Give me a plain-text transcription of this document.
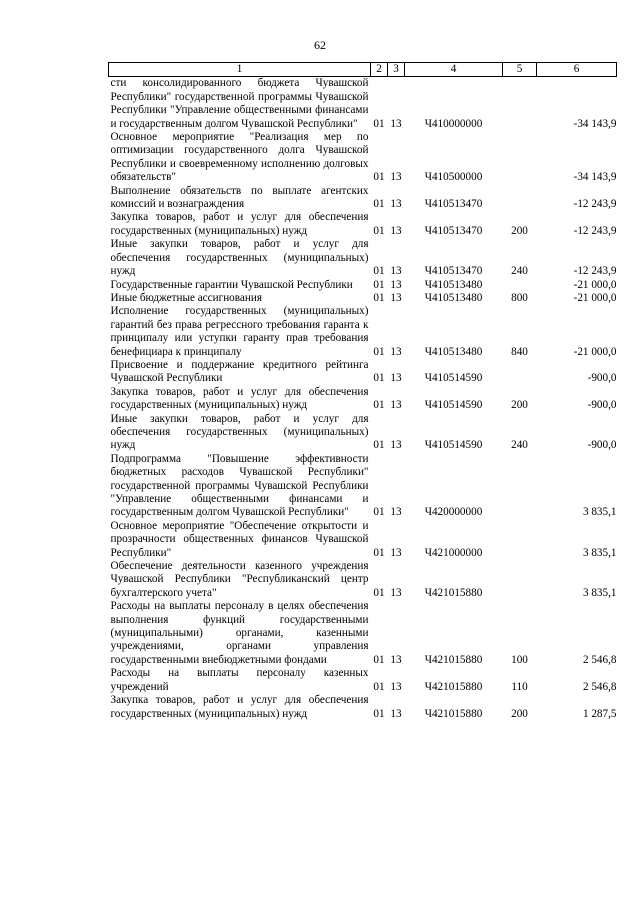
62
1	2	3	4	5	6
сти консолидированного бюджета Чувашской Республики" государственной программы Чувашской Республики "Управление общественными финансами и государственным долгом Чувашской Республики"	01	13	Ч410000000		-34 143,9
Основное мероприятие "Реализация мер по оптимизации государственного долга Чувашской Республики и своевременному исполнению долговых обязательств"	01	13	Ч410500000		-34 143,9
Выполнение обязательств по выплате агентских комиссий и вознаграждения	01	13	Ч410513470		-12 243,9
Закупка товаров, работ и услуг для обеспечения государственных (муниципальных) нужд	01	13	Ч410513470	200	-12 243,9
Иные закупки товаров, работ и услуг для обеспечения государственных (муниципальных) нужд	01	13	Ч410513470	240	-12 243,9
Государственные гарантии Чувашской Республики	01	13	Ч410513480		-21 000,0
Иные бюджетные ассигнования	01	13	Ч410513480	800	-21 000,0
Исполнение государственных (муниципальных) гарантий без права регрессного требования гаранта к принципалу или уступки гаранту прав требования бенефициара к принципалу	01	13	Ч410513480	840	-21 000,0
Присвоение и поддержание кредитного рейтинга Чувашской Республики	01	13	Ч410514590		-900,0
Закупка товаров, работ и услуг для обеспечения государственных (муниципальных) нужд	01	13	Ч410514590	200	-900,0
Иные закупки товаров, работ и услуг для обеспечения государственных (муниципальных) нужд	01	13	Ч410514590	240	-900,0
Подпрограмма "Повышение эффективности бюджетных расходов Чувашской Республики" государственной программы Чувашской Республики "Управление общественными финансами и государственным долгом Чувашской Республики"	01	13	Ч420000000		3 835,1
Основное мероприятие "Обеспечение открытости и прозрачности общественных финансов Чувашской Республики"	01	13	Ч421000000		3 835,1
Обеспечение деятельности казенного учреждения Чувашской Республики "Республиканский центр бухгалтерского учета"	01	13	Ч421015880		3 835,1
Расходы на выплаты персоналу в целях обеспечения выполнения функций государственными (муниципальными) органами, казенными учреждениями, органами управления государственными внебюджетными фондами	01	13	Ч421015880	100	2 546,8
Расходы на выплаты персоналу казенных учреждений	01	13	Ч421015880	110	2 546,8
Закупка товаров, работ и услуг для обеспечения государственных (муниципальных) нужд	01	13	Ч421015880	200	1 287,5
